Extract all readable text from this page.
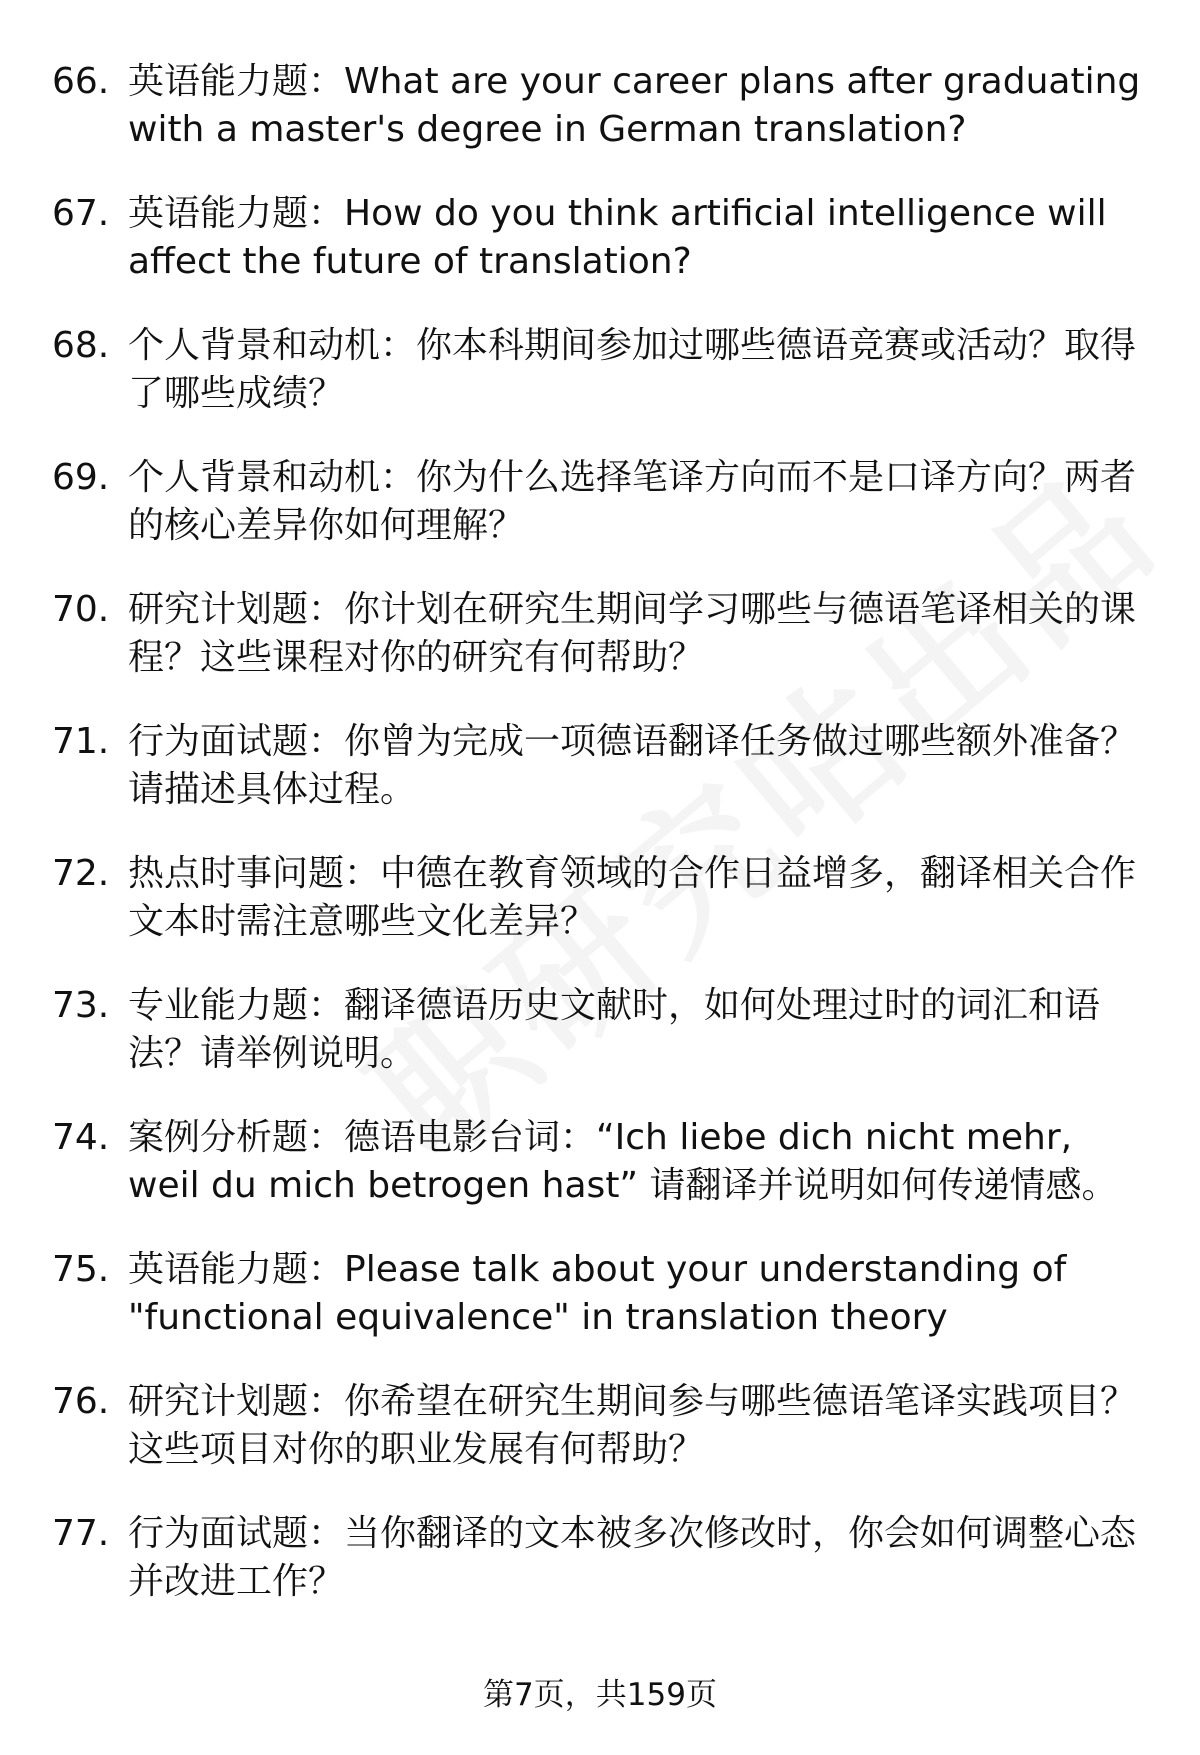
66. 英语能力题：What are your career plans after graduating with a master's degree in German translation?
67. 英语能力题：How do you think artificial intelligence will affect the future of translation?
68. 个人背景和动机：你本科期间参加过哪些德语竞赛或活动？取得了哪些成绩？
69. 个人背景和动机：你为什么选择笔译方向而不是口译方向？两者的核心差异你如何理解？
70. 研究计划题：你计划在研究生期间学习哪些与德语笔译相关的课程？这些课程对你的研究有何帮助？
71. 行为面试题：你曾为完成一项德语翻译任务做过哪些额外准备？请描述具体过程。
72. 热点时事问题：中德在教育领域的合作日益增多，翻译相关合作文本时需注意哪些文化差异？
73. 专业能力题：翻译德语历史文献时，如何处理过时的词汇和语法？请举例说明。
74. 案例分析题：德语电影台词：“Ich liebe dich nicht mehr, weil du mich betrogen hast” 请翻译并说明如何传递情感。
75. 英语能力题：Please talk about your understanding of "functional equivalence" in translation theory
76. 研究计划题：你希望在研究生期间参与哪些德语笔译实践项目？这些项目对你的职业发展有何帮助？
77. 行为面试题：当你翻译的文本被多次修改时，你会如何调整心态并改进工作？
第7页，共159页
